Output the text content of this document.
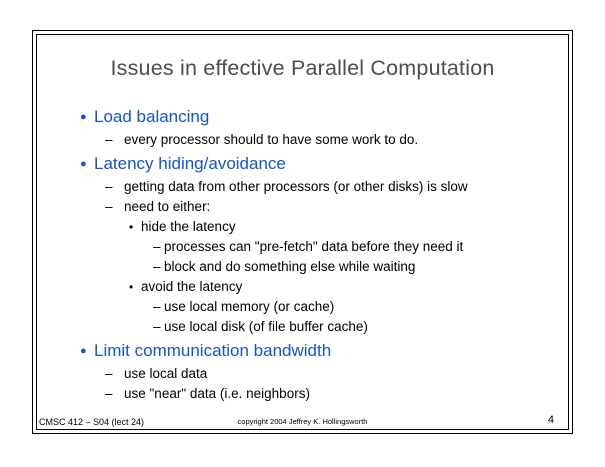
Issues in effective Parallel Computation
● Load balancing
– every processor should to have some work to do.
● Latency hiding/avoidance
– getting data from other processors (or other disks) is slow
– need to either:
• hide the latency
– processes can "pre-fetch" data before they need it
– block and do something else while waiting
• avoid the latency
– use local memory (or cache)
– use local disk (of file buffer cache)
● Limit communication bandwidth
– use local data
– use "near" data (i.e. neighbors)
CMSC 412 – S04 (lect 24)	copyright 2004 Jeffrey K. Hollingsworth	4
